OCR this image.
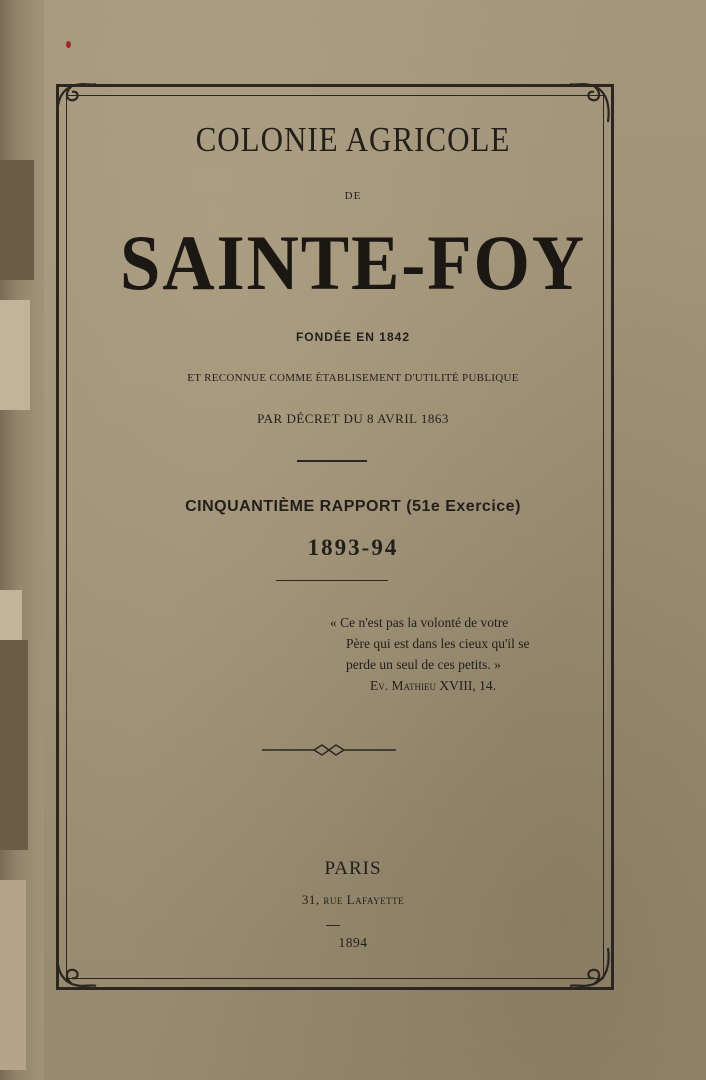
COLONIE AGRICOLE
DE
SAINTE-FOY
FONDÉE EN 1842
ET RECONNUE COMME ÉTABLISEMENT D'UTILITÉ PUBLIQUE
PAR DÉCRET DU 8 AVRIL 1863
CINQUANTIÈME RAPPORT (51e Exercice)
1893-94
« Ce n'est pas la volonté de votre
Père qui est dans les cieux qu'il se
perde un seul de ces petits. »
Ev. Mathieu XVIII, 14.
PARIS
31, rue Lafayette
1894
